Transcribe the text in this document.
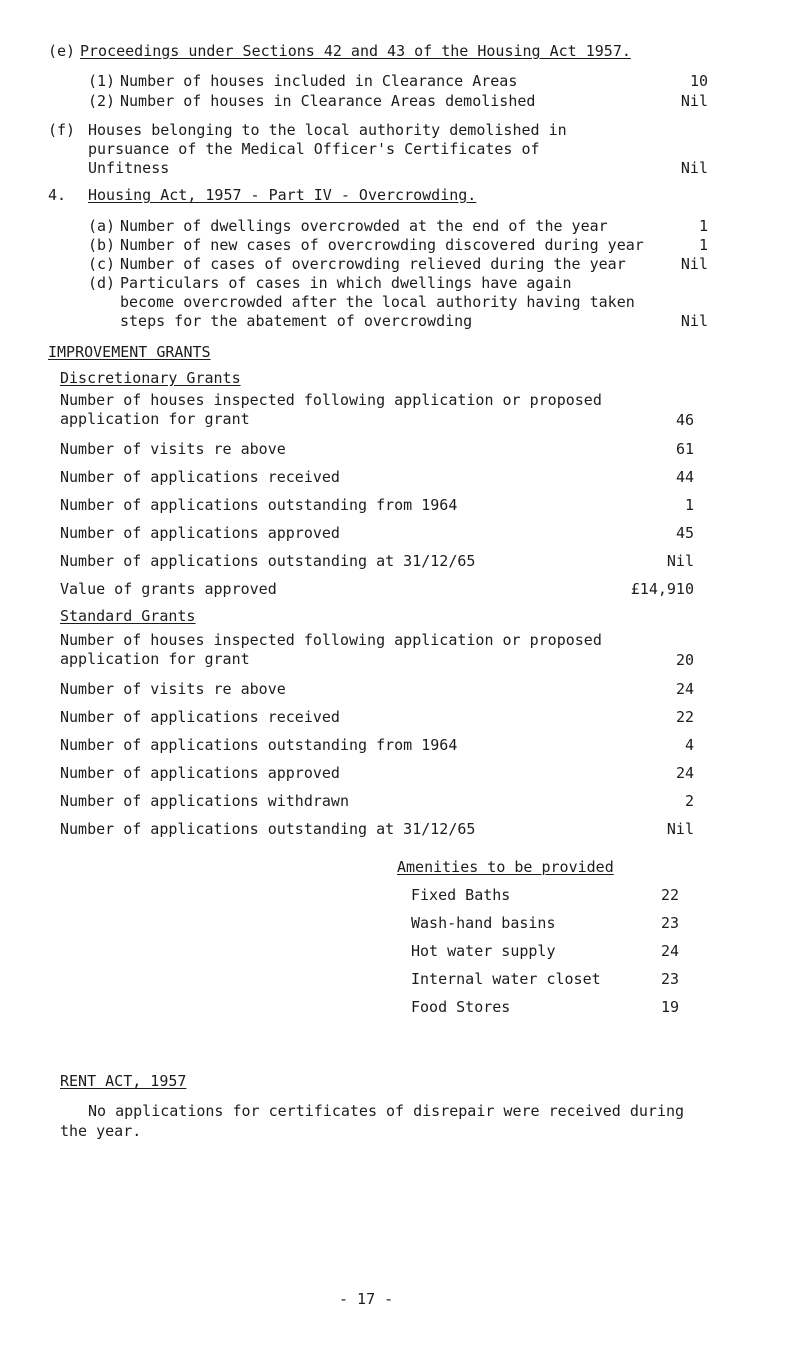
(e) Proceedings under Sections 42 and 43 of the Housing Act 1957.
(1) Number of houses included in Clearance Areas	10
(2) Number of houses in Clearance Areas demolished	Nil
(f) Houses belonging to the local authority demolished in
pursuance of the Medical Officer's Certificates of
Unfitness	Nil
4. Housing Act, 1957 - Part IV - Overcrowding.
(a) Number of dwellings overcrowded at the end of the year	1
(b) Number of new cases of overcrowding discovered during year	1
(c) Number of cases of overcrowding relieved during the year	Nil
(d) Particulars of cases in which dwellings have again
become overcrowded after the local authority having taken
steps for the abatement of overcrowding	Nil
IMPROVEMENT GRANTS
Discretionary Grants
Number of houses inspected following application or proposed
application for grant	46
Number of visits re above	61
Number of applications received	44
Number of applications outstanding from 1964	1
Number of applications approved	45
Number of applications outstanding at 31/12/65	Nil
Value of grants approved	£14,910
Standard Grants
Number of houses inspected following application or proposed
application for grant	20
Number of visits re above	24
Number of applications received	22
Number of applications outstanding from 1964	4
Number of applications approved	24
Number of applications withdrawn	2
Number of applications outstanding at 31/12/65	Nil
Amenities to be provided
Fixed Baths	22
Wash-hand basins	23
Hot water supply	24
Internal water closet	23
Food Stores	19
RENT ACT, 1957
No applications for certificates of disrepair were received during
the year.
- 17 -
